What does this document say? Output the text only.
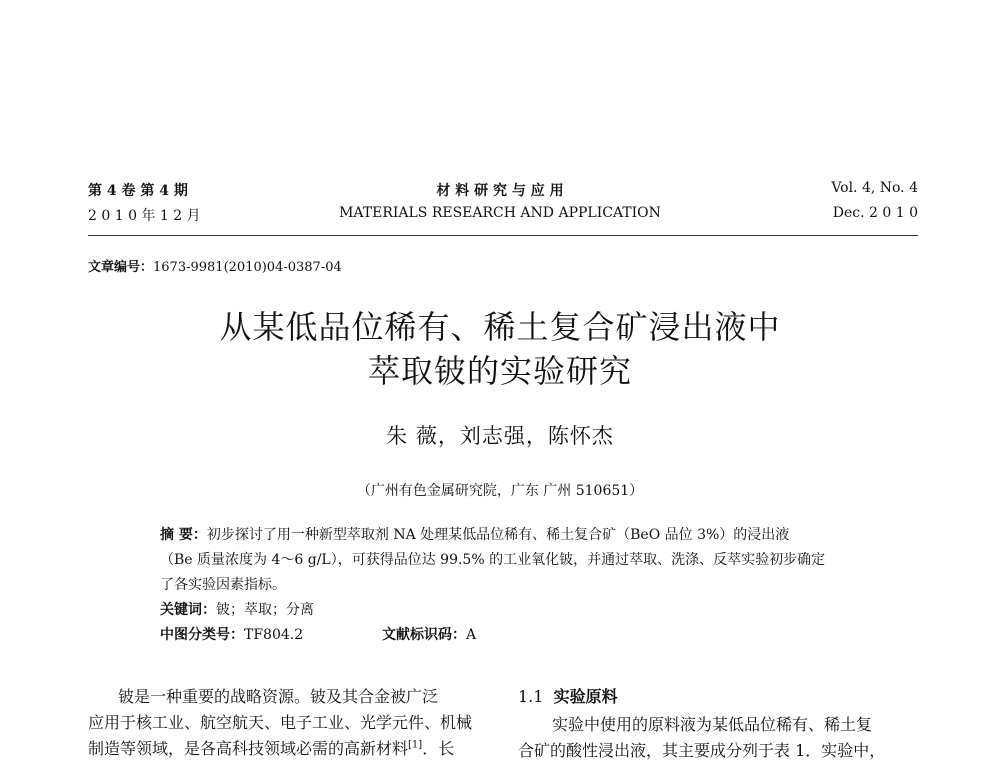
第 4 卷 第 4 期
2 0 1 0 年 1 2 月
材 料 研 究 与 应 用
MATERIALS RESEARCH AND APPLICATION
Vol. 4, No. 4
Dec. 2 0 1 0
文章编号：1673-9981(2010)04-0387-04
从某低品位稀有、稀土复合矿浸出液中
萃取铍的实验研究
朱 薇，刘志强，陈怀杰
（广州有色金属研究院，广东 广州 510651）
摘 要：初步探讨了用一种新型萃取剂 NA 处理某低品位稀有、稀土复合矿（BeO 品位 3%）的浸出液
（Be 质量浓度为 4～6 g/L），可获得品位达 99.5% 的工业氧化铍，并通过萃取、洗涤、反萃实验初步确定
了各实验因素指标。
关键词：铍；萃取；分离
中图分类号：TF804.2	文献标识码：A
铍是一种重要的战略资源。铍及其合金被广泛
应用于核工业、航空航天、电子工业、光学元件、机械
制造等领域，是各高科技领域必需的高新材料[1]．长
1.1 实验原料
实验中使用的原料液为某低品位稀有、稀土复
合矿的酸性浸出液，其主要成分列于表 1．实验中，
